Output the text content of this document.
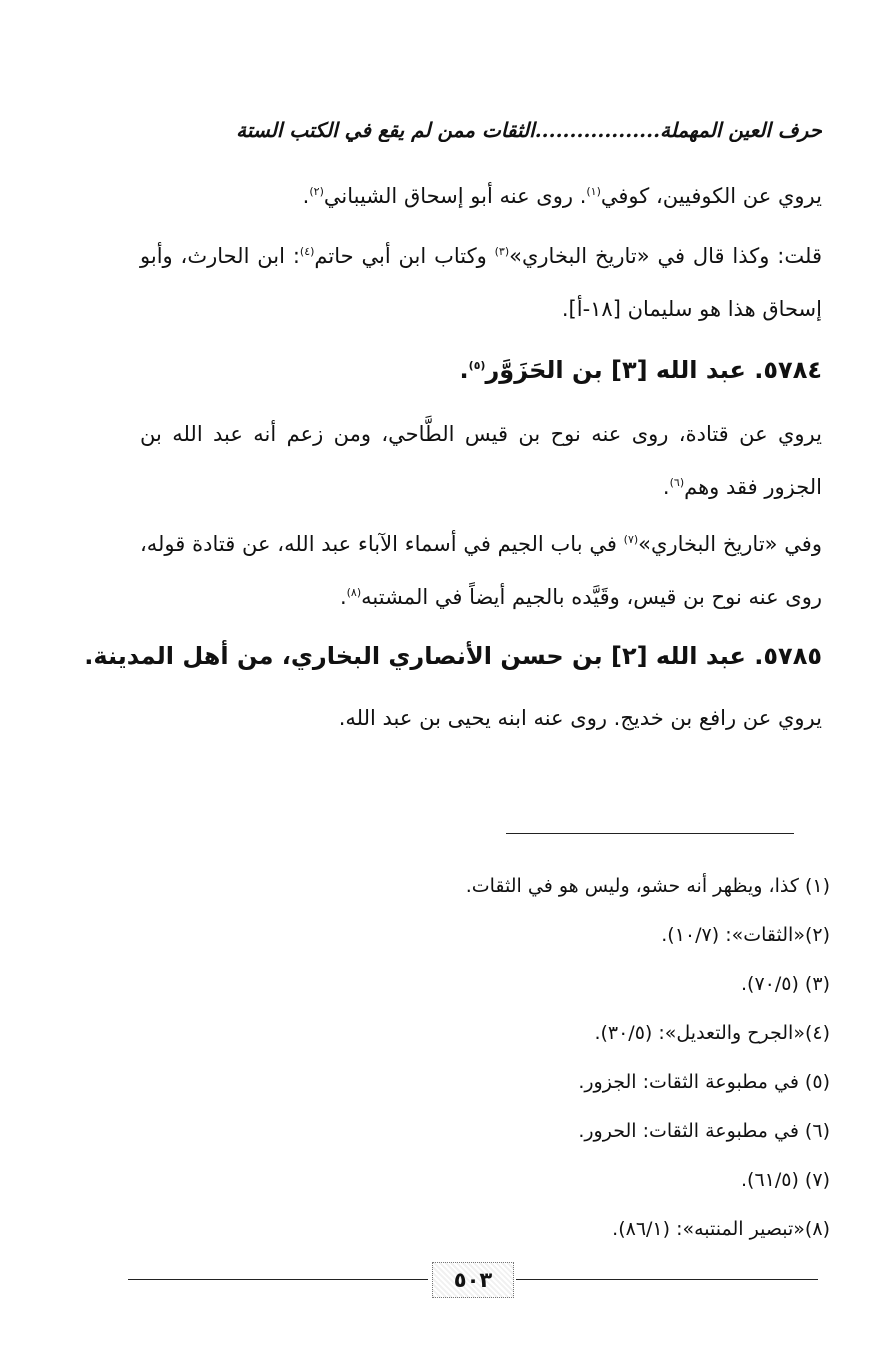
حرف العين المهملة..................الثقات ممن لم يقع في الكتب الستة
يروي عن الكوفيين، كوفي$^{(١)}$. روى عنه أبو إسحاق الشيباني$^{(٢)}$.
قلت: وكذا قال في «تاريخ البخاري»$^{(٣)}$ وكتاب ابن أبي حاتم$^{(٤)}$: ابن الحارث، وأبو إسحاق هذا هو سليمان [١٨-أ].
٥٧٨٤. عبد الله [٣] بن الحَزَوَّر$^{(٥)}$.
يروي عن قتادة، روى عنه نوح بن قيس الطَّاحي، ومن زعم أنه عبد الله بن الجزور فقد وهم$^{(٦)}$.
وفي «تاريخ البخاري»$^{(٧)}$ في باب الجيم في أسماء الآباء عبد الله، عن قتادة قوله، روى عنه نوح بن قيس، وقَيَّده بالجيم أيضاً في المشتبه$^{(٨)}$.
٥٧٨٥. عبد الله [٢] بن حسن الأنصاري البخاري، من أهل المدينة.
يروي عن رافع بن خديج. روى عنه ابنه يحيى بن عبد الله.
(١) كذا، ويظهر أنه حشو، وليس هو في الثقات.
(٢)«الثقات»: (١٠/٧).
(٣) (٧٠/٥).
(٤)«الجرح والتعديل»: (٣٠/٥).
(٥) في مطبوعة الثقات: الجزور.
(٦) في مطبوعة الثقات: الحرور.
(٧) (٦١/٥).
(٨)«تبصير المنتبه»: (٨٦/١).
٥٠٣
